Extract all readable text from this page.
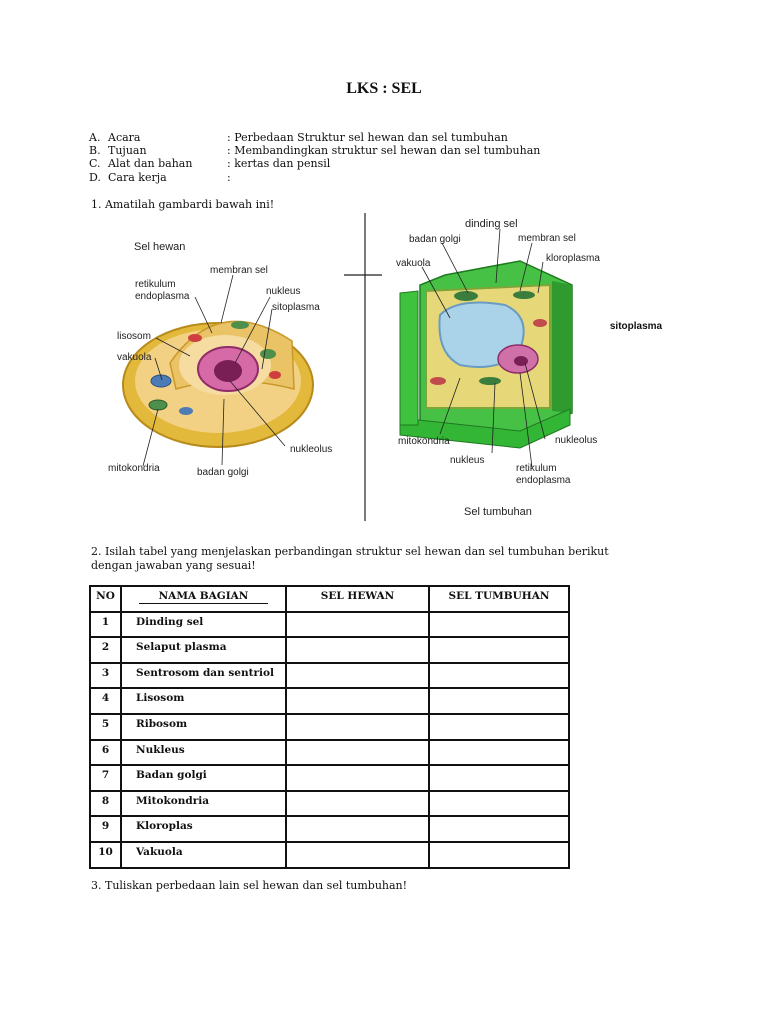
LKS : SEL
A. Acara	: Perbedaan Struktur sel hewan dan sel tumbuhan
B. Tujuan	: Membandingkan struktur sel hewan dan sel tumbuhan
C. Alat dan bahan	: kertas dan pensil
D. Cara kerja	:
1. Amatilah gambardi bawah ini!
Sel hewan
membran sel
retikulum
endoplasma	nukleus
sitoplasma
lisosom
vakuola
nukleolus
mitokondria	badan golgi
dinding sel
badan golgi	membran sel
vakuola	kloroplasma
mitokondria	nukleolus
nukleus
retikulum
endoplasma
Sel tumbuhan
sitoplasma
2. Isilah tabel yang menjelaskan perbandingan struktur sel hewan dan sel tumbuhan berikut dengan jawaban yang sesuai!
NO	NAMA BAGIAN	SEL HEWAN	SEL TUMBUHAN
1	Dinding sel		
2	Selaput plasma		
3	Sentrosom dan sentriol		
4	Lisosom		
5	Ribosom		
6	Nukleus		
7	Badan golgi		
8	Mitokondria		
9	Kloroplas		
10	Vakuola		
3. Tuliskan perbedaan lain sel hewan dan sel tumbuhan!
